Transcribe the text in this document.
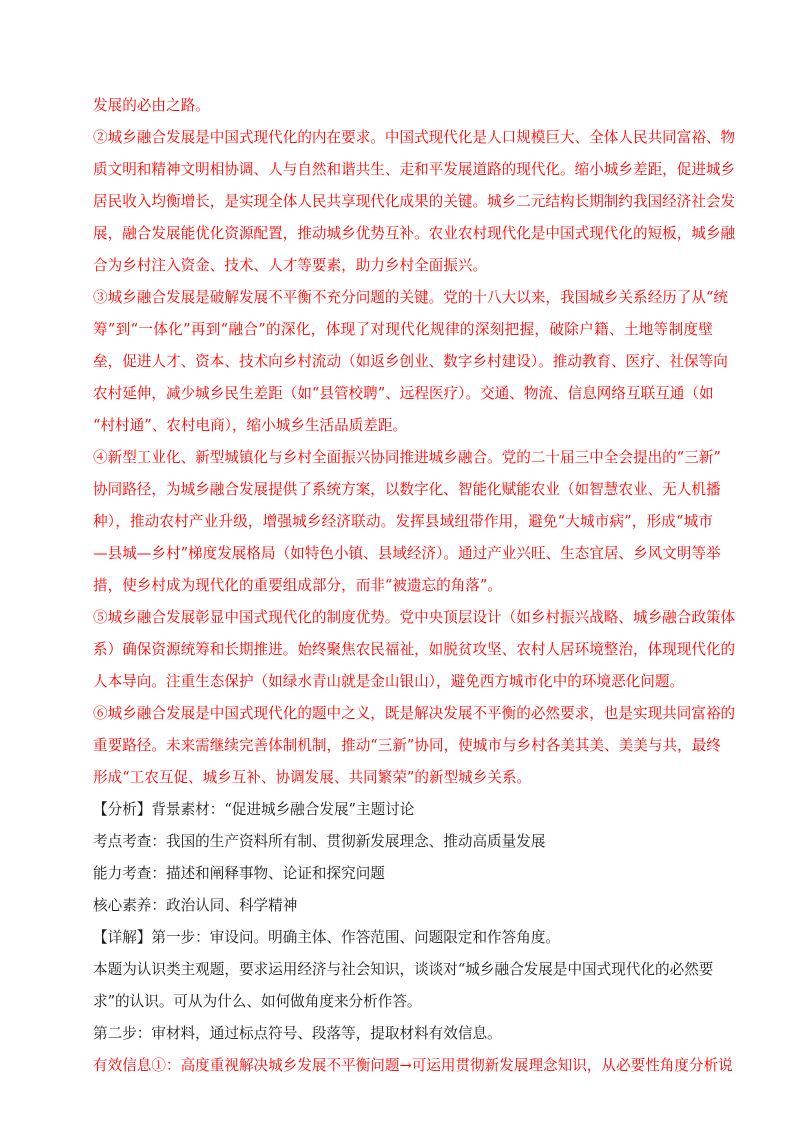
发展的必由之路。
②城乡融合发展是中国式现代化的内在要求。中国式现代化是人口规模巨大、全体人民共同富裕、物
质文明和精神文明相协调、人与自然和谐共生、走和平发展道路的现代化。缩小城乡差距，促进城乡
居民收入均衡增长，是实现全体人民共享现代化成果的关键。城乡二元结构长期制约我国经济社会发
展，融合发展能优化资源配置，推动城乡优势互补。农业农村现代化是中国式现代化的短板，城乡融
合为乡村注入资金、技术、人才等要素，助力乡村全面振兴。
③城乡融合发展是破解发展不平衡不充分问题的关键。党的十八大以来，我国城乡关系经历了从“统
筹”到“一体化”再到“融合”的深化，体现了对现代化规律的深刻把握，破除户籍、土地等制度壁
垒，促进人才、资本、技术向乡村流动（如返乡创业、数字乡村建设）。推动教育、医疗、社保等向
农村延伸，减少城乡民生差距（如“县管校聘”、远程医疗）。交通、物流、信息网络互联互通（如
“村村通”、农村电商），缩小城乡生活品质差距。
④新型工业化、新型城镇化与乡村全面振兴协同推进城乡融合。党的二十届三中全会提出的“三新”
协同路径，为城乡融合发展提供了系统方案，以数字化、智能化赋能农业（如智慧农业、无人机播
种），推动农村产业升级，增强城乡经济联动。发挥县域纽带作用，避免“大城市病”，形成“城市
—县城—乡村”梯度发展格局（如特色小镇、县域经济）。通过产业兴旺、生态宜居、乡风文明等举
措，使乡村成为现代化的重要组成部分，而非“被遗忘的角落”。
⑤城乡融合发展彰显中国式现代化的制度优势。党中央顶层设计（如乡村振兴战略、城乡融合政策体
系）确保资源统筹和长期推进。始终聚焦农民福祉，如脱贫攻坚、农村人居环境整治，体现现代化的
人本导向。注重生态保护（如绿水青山就是金山银山），避免西方城市化中的环境恶化问题。
⑥城乡融合发展是中国式现代化的题中之义，既是解决发展不平衡的必然要求，也是实现共同富裕的
重要路径。未来需继续完善体制机制，推动“三新”协同，使城市与乡村各美其美、美美与共，最终
形成“工农互促、城乡互补、协调发展、共同繁荣”的新型城乡关系。
【分析】背景素材：“促进城乡融合发展”主题讨论
考点考查：我国的生产资料所有制、贯彻新发展理念、推动高质量发展
能力考查：描述和阐释事物、论证和探究问题
核心素养：政治认同、科学精神
【详解】第一步：审设问。明确主体、作答范围、问题限定和作答角度。
本题为认识类主观题，要求运用经济与社会知识，谈谈对“城乡融合发展是中国式现代化的必然要
求”的认识。可从为什么、如何做角度来分析作答。
第二步：审材料，通过标点符号、段落等，提取材料有效信息。
有效信息①：高度重视解决城乡发展不平衡问题→可运用贯彻新发展理念知识，从必要性角度分析说
